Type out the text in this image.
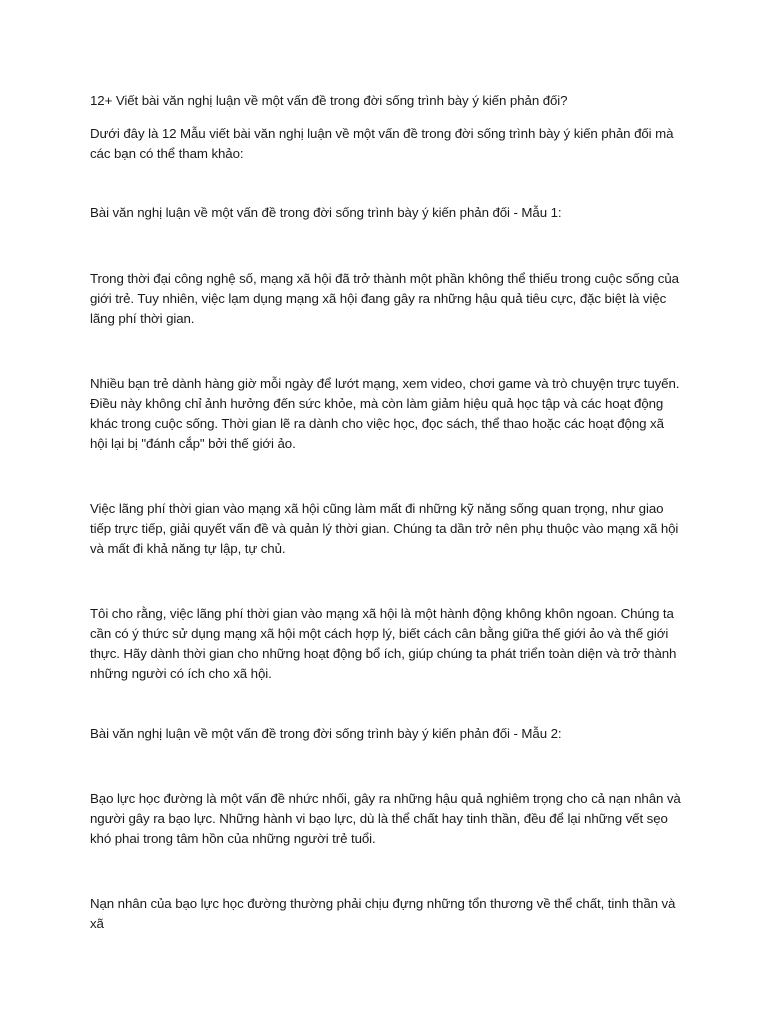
12+ Viết bài văn nghị luận về một vấn đề trong đời sống trình bày ý kiến phản đối?

Dưới đây là 12 Mẫu viết bài văn nghị luận về một vấn đề trong đời sống trình bày ý kiến phản đối mà các bạn có thể tham khảo:

Bài văn nghị luận về một vấn đề trong đời sống trình bày ý kiến phản đối - Mẫu 1:

Trong thời đại công nghệ số, mạng xã hội đã trở thành một phần không thể thiếu trong cuộc sống của giới trẻ. Tuy nhiên, việc lạm dụng mạng xã hội đang gây ra những hậu quả tiêu cực, đặc biệt là việc lãng phí thời gian.

Nhiều bạn trẻ dành hàng giờ mỗi ngày để lướt mạng, xem video, chơi game và trò chuyện trực tuyến. Điều này không chỉ ảnh hưởng đến sức khỏe, mà còn làm giảm hiệu quả học tập và các hoạt động khác trong cuộc sống. Thời gian lẽ ra dành cho việc học, đọc sách, thể thao hoặc các hoạt động xã hội lại bị "đánh cắp" bởi thế giới ảo.

Việc lãng phí thời gian vào mạng xã hội cũng làm mất đi những kỹ năng sống quan trọng, như giao tiếp trực tiếp, giải quyết vấn đề và quản lý thời gian. Chúng ta dần trở nên phụ thuộc vào mạng xã hội và mất đi khả năng tự lập, tự chủ.

Tôi cho rằng, việc lãng phí thời gian vào mạng xã hội là một hành động không khôn ngoan. Chúng ta cần có ý thức sử dụng mạng xã hội một cách hợp lý, biết cách cân bằng giữa thế giới ảo và thế giới thực. Hãy dành thời gian cho những hoạt động bổ ích, giúp chúng ta phát triển toàn diện và trở thành những người có ích cho xã hội.

Bài văn nghị luận về một vấn đề trong đời sống trình bày ý kiến phản đối - Mẫu 2:

Bạo lực học đường là một vấn đề nhức nhối, gây ra những hậu quả nghiêm trọng cho cả nạn nhân và người gây ra bạo lực. Những hành vi bạo lực, dù là thể chất hay tinh thần, đều để lại những vết sẹo khó phai trong tâm hồn của những người trẻ tuổi.

Nạn nhân của bạo lực học đường thường phải chịu đựng những tổn thương về thể chất, tinh thần và xã
